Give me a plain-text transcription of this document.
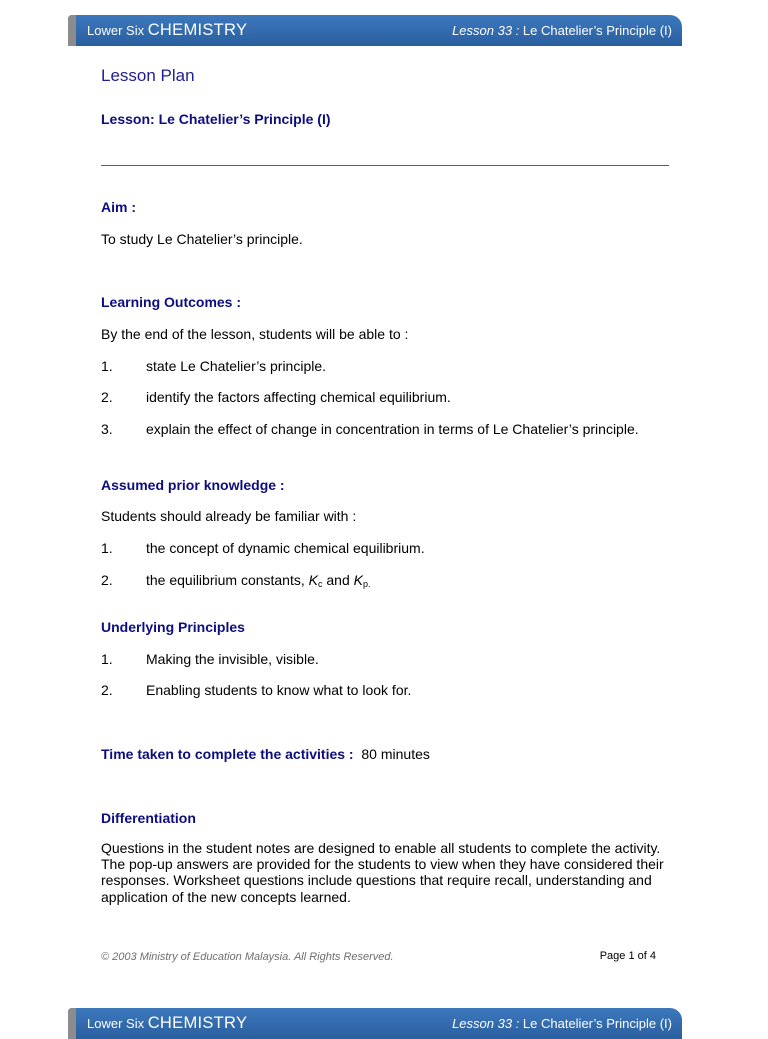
Lower Six CHEMISTRY	Lesson 33 : Le Chatelier’s Principle (I)
Lesson Plan
Lesson: Le Chatelier’s Principle (I)
Aim :
To study Le Chatelier’s principle.
Learning Outcomes :
By the end of the lesson, students will be able to :
1. state Le Chatelier’s principle.
2. identify the factors affecting chemical equilibrium.
3. explain the effect of change in concentration in terms of Le Chatelier’s principle.
Assumed prior knowledge :
Students should already be familiar with :
1. the concept of dynamic chemical equilibrium.
2. the equilibrium constants, $K_c$ and $K_{p.}$
Underlying Principles
1. Making the invisible, visible.
2. Enabling students to know what to look for.
Time taken to complete the activities : 80 minutes
Differentiation
Questions in the student notes are designed to enable all students to complete the activity. The pop-up answers are provided for the students to view when they have considered their responses. Worksheet questions include questions that require recall, understanding and application of the new concepts learned.
© 2003 Ministry of Education Malaysia. All Rights Reserved.	Page 1 of 4
Lower Six CHEMISTRY	Lesson 33 : Le Chatelier’s Principle (I)
